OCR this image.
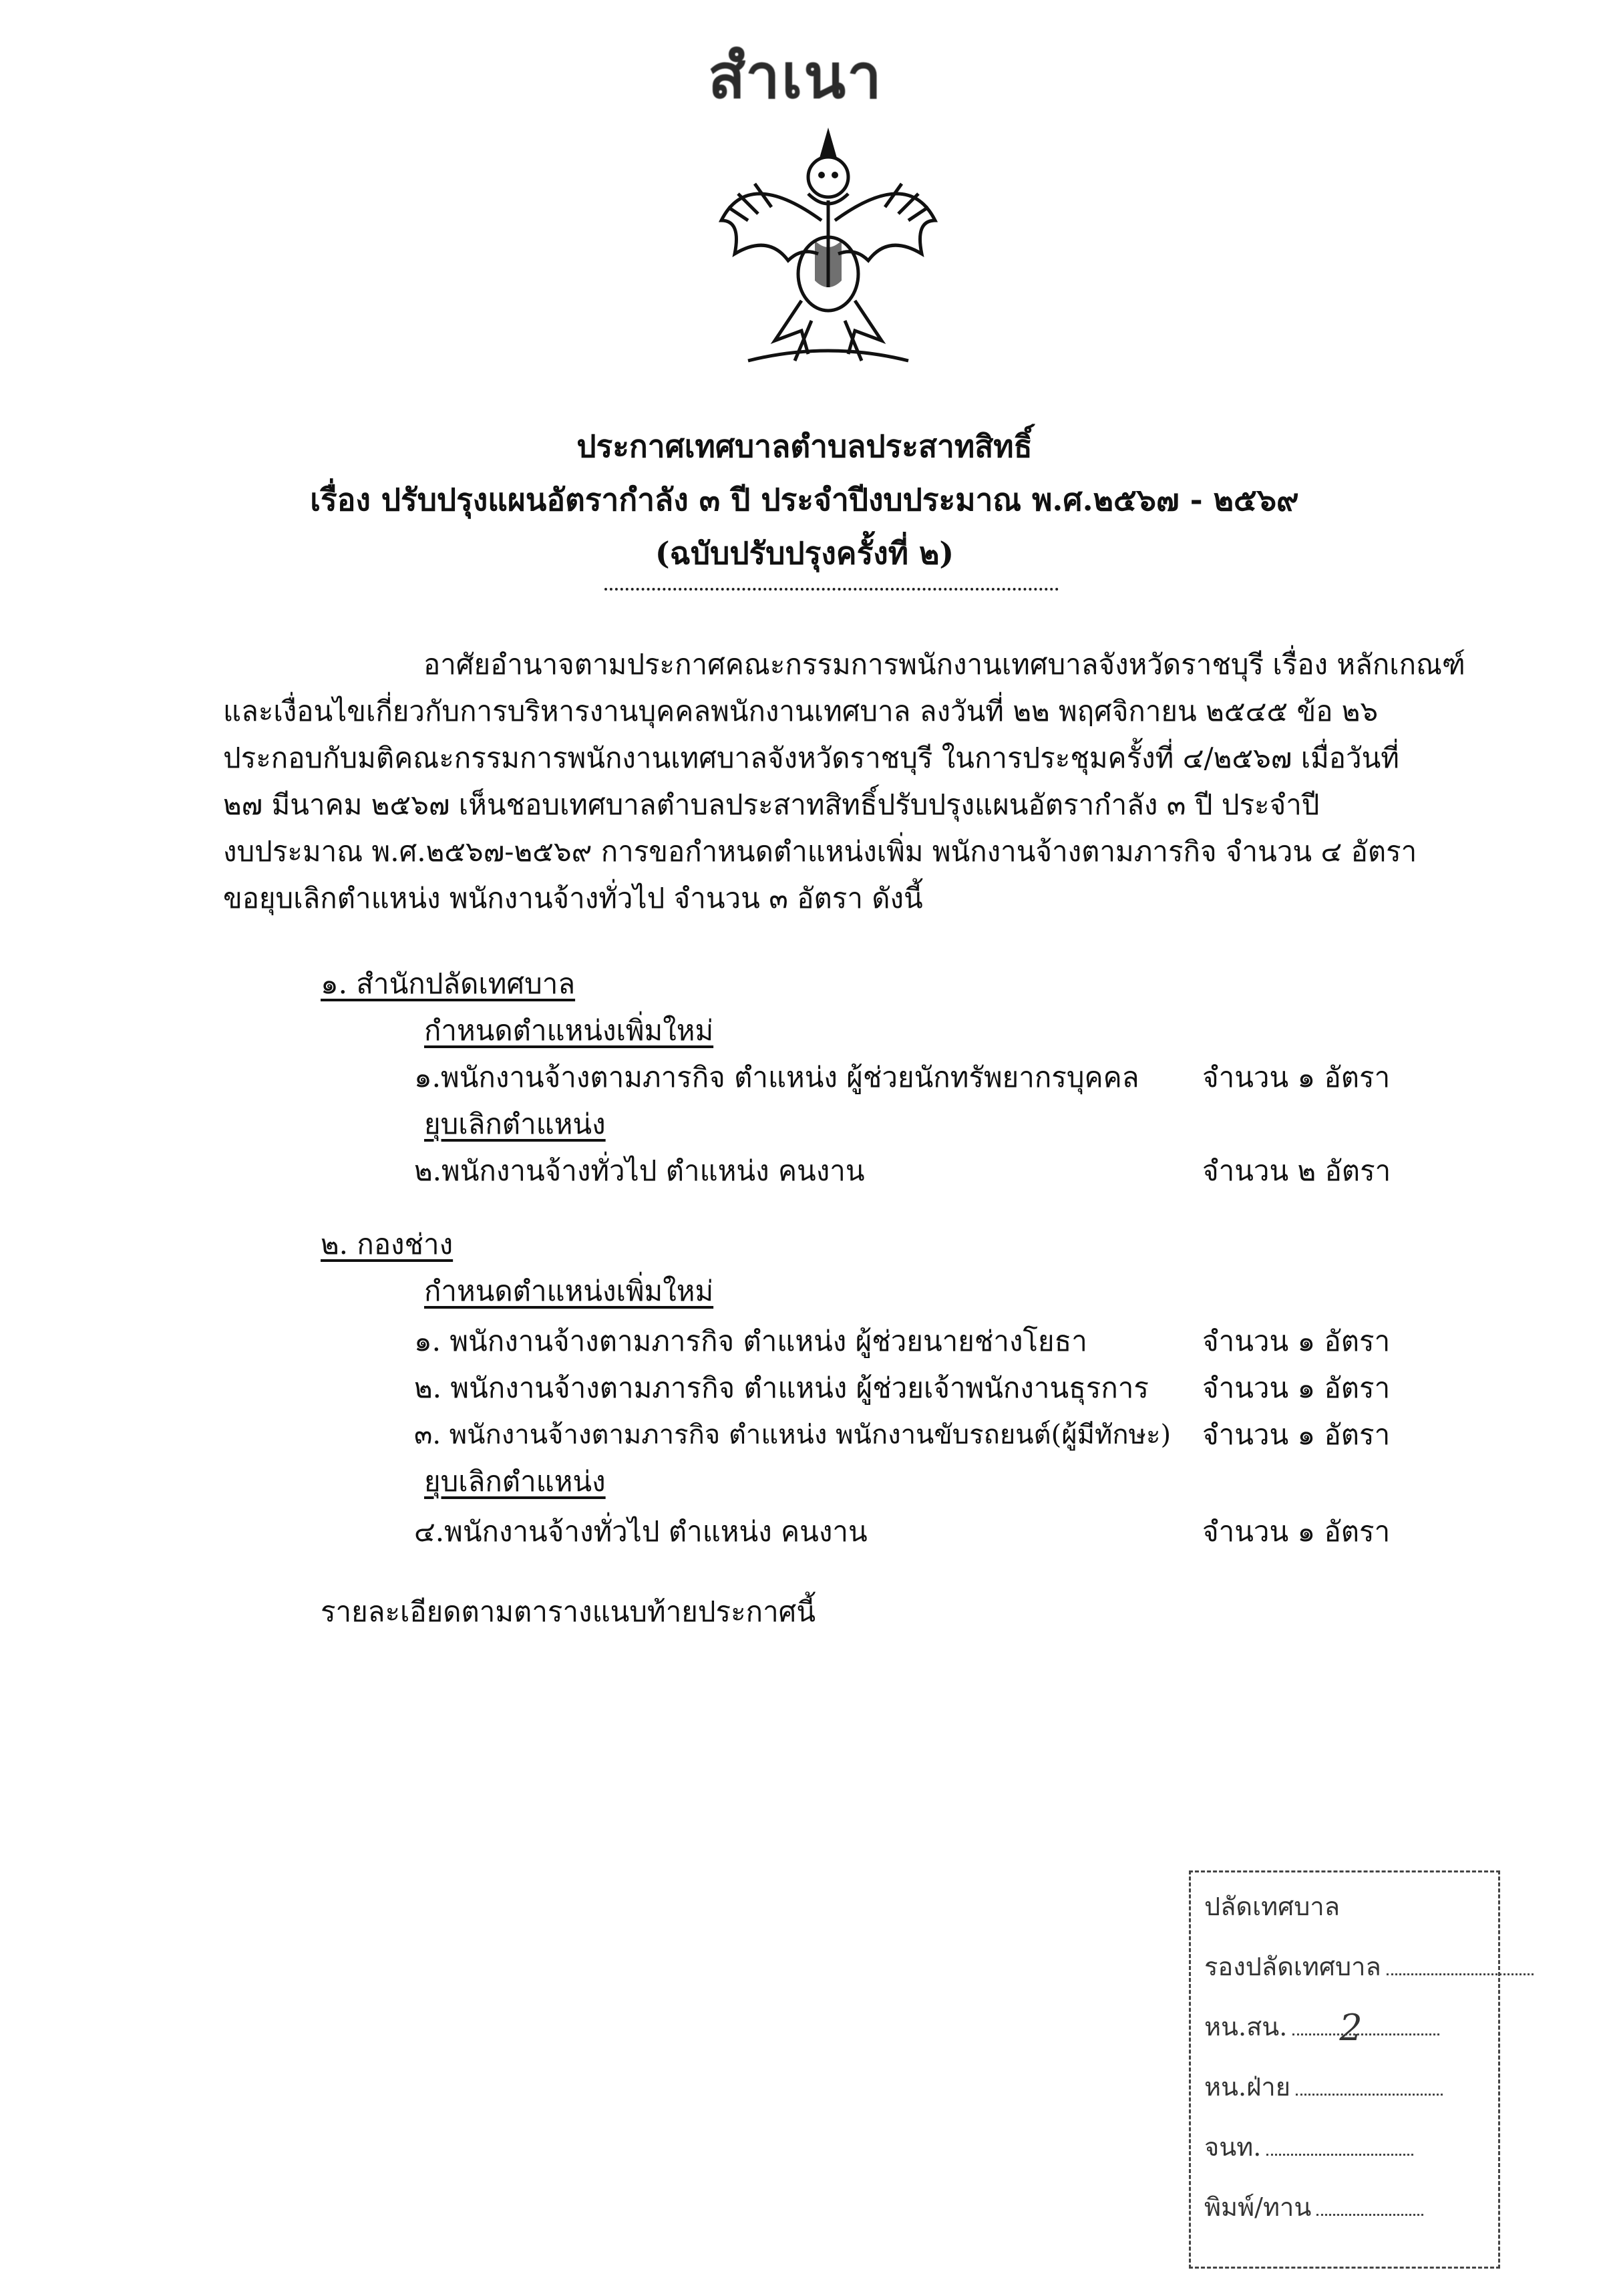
สำเนา
ประกาศเทศบาลตำบลประสาทสิทธิ์
เรื่อง ปรับปรุงแผนอัตรากำลัง ๓ ปี ประจำปีงบประมาณ พ.ศ.๒๕๖๗ - ๒๕๖๙
(ฉบับปรับปรุงครั้งที่ ๒)
อาศัยอำนาจตามประกาศคณะกรรมการพนักงานเทศบาลจังหวัดราชบุรี เรื่อง หลักเกณฑ์
และเงื่อนไขเกี่ยวกับการบริหารงานบุคคลพนักงานเทศบาล ลงวันที่ ๒๒ พฤศจิกายน ๒๕๔๕ ข้อ ๒๖
ประกอบกับมติคณะกรรมการพนักงานเทศบาลจังหวัดราชบุรี ในการประชุมครั้งที่ ๔/๒๕๖๗ เมื่อวันที่
๒๗ มีนาคม ๒๕๖๗ เห็นชอบเทศบาลตำบลประสาทสิทธิ์ปรับปรุงแผนอัตรากำลัง ๓ ปี ประจำปี
งบประมาณ พ.ศ.๒๕๖๗-๒๕๖๙ การขอกำหนดตำแหน่งเพิ่ม พนักงานจ้างตามภารกิจ จำนวน ๔ อัตรา
ขอยุบเลิกตำแหน่ง พนักงานจ้างทั่วไป จำนวน ๓ อัตรา ดังนี้
๑. สำนักปลัดเทศบาล
กำหนดตำแหน่งเพิ่มใหม่
๑.พนักงานจ้างตามภารกิจ ตำแหน่ง ผู้ช่วยนักทรัพยากรบุคคล จำนวน ๑ อัตรา
ยุบเลิกตำแหน่ง
๒.พนักงานจ้างทั่วไป ตำแหน่ง คนงาน	จำนวน ๒ อัตรา
๒. กองช่าง
กำหนดตำแหน่งเพิ่มใหม่
๑. พนักงานจ้างตามภารกิจ ตำแหน่ง ผู้ช่วยนายช่างโยธา	จำนวน ๑ อัตรา
๒. พนักงานจ้างตามภารกิจ ตำแหน่ง ผู้ช่วยเจ้าพนักงานธุรการ จำนวน ๑ อัตรา
๓. พนักงานจ้างตามภารกิจ ตำแหน่ง พนักงานขับรถยนต์(ผู้มีทักษะ) จำนวน ๑ อัตรา
ยุบเลิกตำแหน่ง
๔.พนักงานจ้างทั่วไป ตำแหน่ง คนงาน	จำนวน ๑ อัตรา
รายละเอียดตามตารางแนบท้ายประกาศนี้
ปลัดเทศบาล
รองปลัดเทศบาล
หน.สน. 2
หน.ฝ่าย
จนท.
พิมพ์/ทาน
